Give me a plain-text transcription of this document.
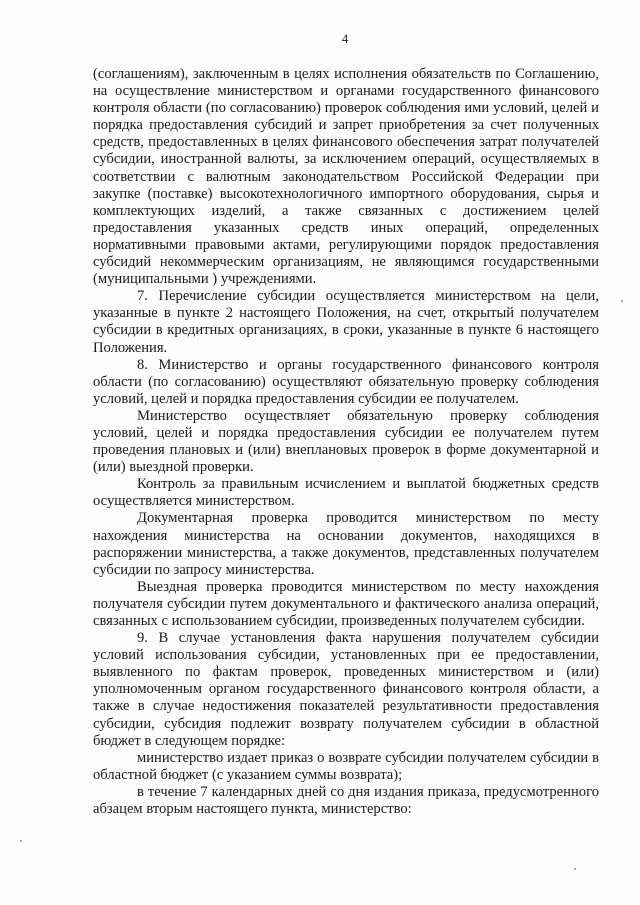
4

(соглашениям), заключенным в целях исполнения обязательств по Соглашению, на осуществление министерством и органами государственного финансового контроля области (по согласованию) проверок соблюдения ими условий, целей и порядка предоставления субсидий и запрет приобретения за счет полученных средств, предоставленных в целях финансового обеспечения затрат получателей субсидии, иностранной валюты, за исключением операций, осуществляемых в соответствии с валютным законодательством Российской Федерации при закупке (поставке) высокотехнологичного импортного оборудования, сырья и комплектующих изделий, а также связанных с достижением целей предоставления указанных средств иных операций, определенных нормативными правовыми актами, регулирующими порядок предоставления субсидий некоммерческим организациям, не являющимся государственными (муниципальными ) учреждениями.

7. Перечисление субсидии осуществляется министерством на цели, указанные в пункте 2 настоящего Положения, на счет, открытый получателем субсидии в кредитных организациях, в сроки, указанные в пункте 6 настоящего Положения.

8. Министерство и органы государственного финансового контроля области (по согласованию) осуществляют обязательную проверку соблюдения условий, целей и порядка предоставления субсидии ее получателем.

Министерство осуществляет обязательную проверку соблюдения условий, целей и порядка предоставления субсидии ее получателем путем проведения плановых и (или) внеплановых проверок в форме документарной и (или) выездной проверки.

Контроль за правильным исчислением и выплатой бюджетных средств осуществляется министерством.

Документарная проверка проводится министерством по месту нахождения министерства на основании документов, находящихся в распоряжении министерства, а также документов, представленных получателем субсидии по запросу министерства.

Выездная проверка проводится министерством по месту нахождения получателя субсидии путем документального и фактического анализа операций, связанных с использованием субсидии, произведенных получателем субсидии.

9. В случае установления факта нарушения получателем субсидии условий использования субсидии, установленных при ее предоставлении, выявленного по фактам проверок, проведенных министерством и (или) уполномоченным органом государственного финансового контроля области, а также в случае недостижения показателей результативности предоставления субсидии, субсидия подлежит возврату получателем субсидии в областной бюджет в следующем порядке:

министерство издает приказ о возврате субсидии получателем субсидии в областной бюджет (с указанием суммы возврата);

в течение 7 календарных дней со дня издания приказа, предусмотренного абзацем вторым настоящего пункта, министерство:
